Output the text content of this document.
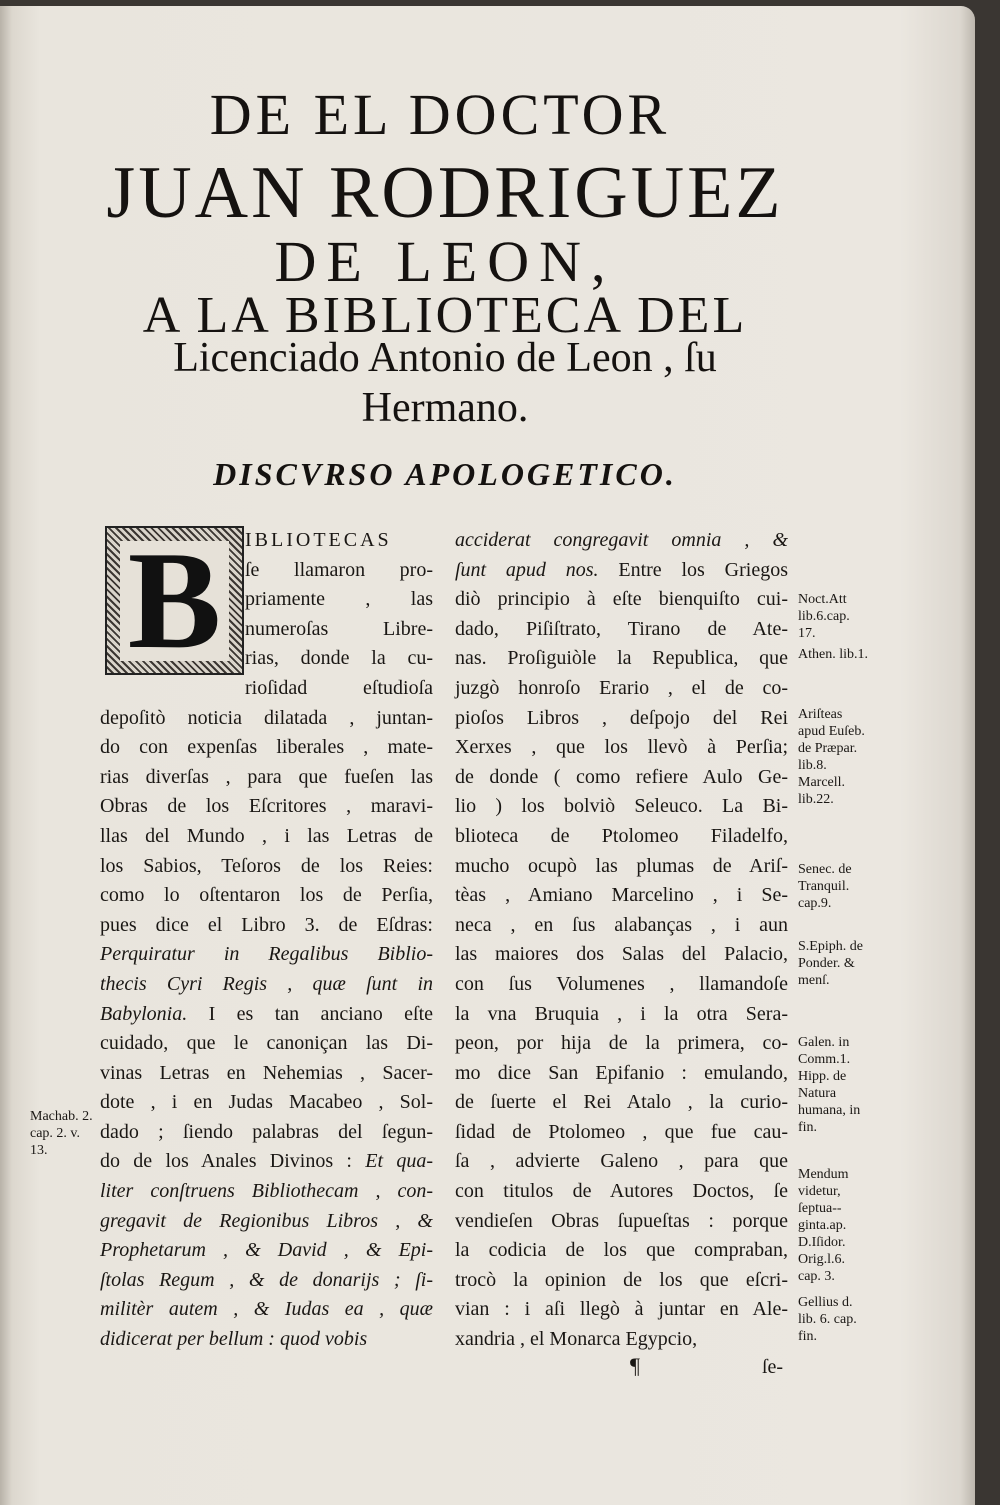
DE EL DOCTOR
JUAN RODRIGUEZ
DE LEON,
A LA BIBLIOTECA DEL
Licenciado Antonio de Leon , ſu
Hermano.
DISCVRSO APOLOGETICO.
B	IBLIOTECAS
ſe llamaron pro-
priamente , las
numeroſas Libre-
rias, donde la cu-
rioſidad eſtudioſa
depoſitò noticia dilatada , juntan-
do con expenſas liberales , mate-
rias diverſas , para que fueſen las
Obras de los Eſcritores , maravi-
llas del Mundo , i las Letras de
los Sabios, Teſoros de los Reies:
como lo oſtentaron los de Perſia,
pues dice el Libro 3. de Eſdras:
Perquiratur in Regalibus Biblio-
thecis Cyri Regis , quæ ſunt in
Babylonia. I es tan anciano eſte
cuidado, que le canoniçan las Di-
vinas Letras en Nehemias , Sacer-
dote , i en Judas Macabeo , Sol-
dado ; ſiendo palabras del ſegun-
do de los Anales Divinos : Et qua-
liter conſtruens Bibliothecam , con-
gregavit de Regionibus Libros , &
Prophetarum , & David , & Epi-
ſtolas Regum , & de donarijs ; ſi-
militèr autem , & Iudas ea , quæ
didicerat per bellum : quod vobis
acciderat congregavit omnia , &
ſunt apud nos. Entre los Griegos
diò principio à eſte bienquiſto cui-
dado, Piſiſtrato, Tirano de Ate-
nas. Proſiguiòle la Republica, que
juzgò honroſo Erario , el de co-
pioſos Libros , deſpojo del Rei
Xerxes , que los llevò à Perſia;
de donde ( como refiere Aulo Ge-
lio ) los bolviò Seleuco. La Bi-
blioteca de Ptolomeo Filadelfo,
mucho ocupò las plumas de Ariſ-
tèas , Amiano Marcelino , i Se-
neca , en ſus alabanças , i aun
las maiores dos Salas del Palacio,
con ſus Volumenes , llamandoſe
la vna Bruquia , i la otra Sera-
peon, por hija de la primera, co-
mo dice San Epifanio : emulando,
de ſuerte el Rei Atalo , la curio-
ſidad de Ptolomeo , que fue cau-
ſa , advierte Galeno , para que
con titulos de Autores Doctos, ſe
vendieſen Obras ſupueſtas : porque
la codicia de los que compraban,
trocò la opinion de los que eſcri-
vian : i aſi llegò à juntar en Ale-
xandria , el Monarca Egypcio,
¶	ſe-
Machab. 2. cap. 2. v. 13.
Noct.Att lib.6.cap. 17.
Athen. lib.1.
Ariſteas apud Euſeb. de Præpar. lib.8. Marcell. lib.22.
Senec. de Tranquil. cap.9.
S.Epiph. de Ponder. & menſ.
Galen. in Comm.1. Hipp. de Natura humana, in fin.
Mendum videtur, ſeptua-- ginta.ap. D.Iſidor. Orig.l.6. cap. 3.
Gellius d. lib. 6. cap. fin.
